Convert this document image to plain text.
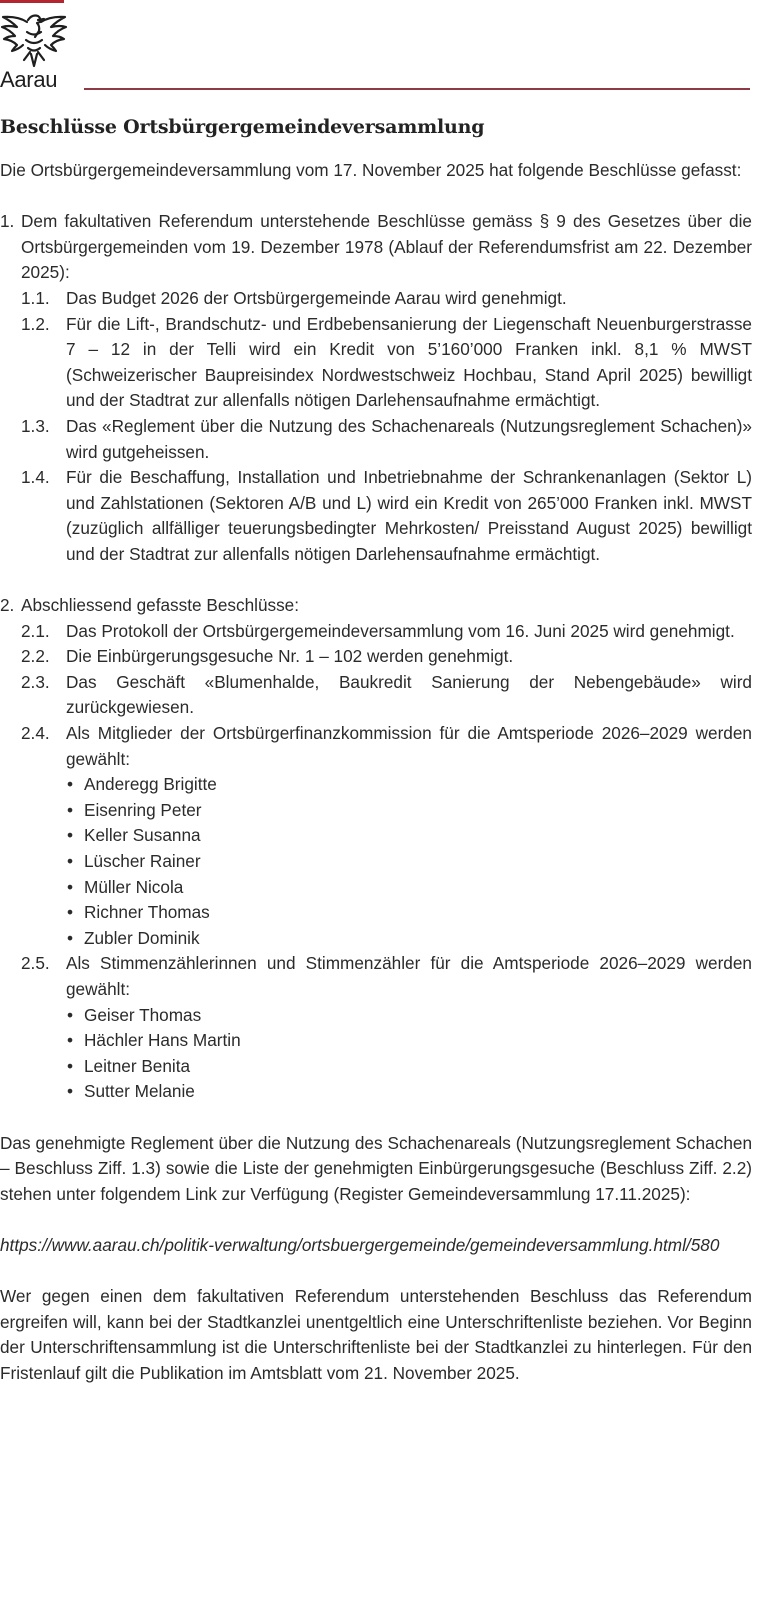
Aarau
Beschlüsse Ortsbürgergemeindeversammlung

Die Ortsbürgergemeindeversammlung vom 17. November 2025 hat folgende Beschlüsse gefasst:

1. Dem fakultativen Referendum unterstehende Beschlüsse gemäss § 9 des Gesetzes über die Ortsbürgergemeinden vom 19. Dezember 1978 (Ablauf der Referendumsfrist am 22. Dezember 2025):
1.1. Das Budget 2026 der Ortsbürgergemeinde Aarau wird genehmigt.
1.2. Für die Lift-, Brandschutz- und Erdbebensanierung der Liegenschaft Neuenburgerstrasse 7 – 12 in der Telli wird ein Kredit von 5’160’000 Franken inkl. 8,1 % MWST (Schweizerischer Baupreisindex Nordwestschweiz Hochbau, Stand April 2025) bewilligt und der Stadtrat zur allenfalls nötigen Darlehensaufnahme ermächtigt.
1.3. Das «Reglement über die Nutzung des Schachenareals (Nutzungsreglement Schachen)» wird gutgeheissen.
1.4. Für die Beschaffung, Installation und Inbetriebnahme der Schrankenanlagen (Sektor L) und Zahlstationen (Sektoren A/B und L) wird ein Kredit von 265’000 Franken inkl. MWST (zuzüglich allfälliger teuerungsbedingter Mehrkosten/ Preisstand August 2025) bewilligt und der Stadtrat zur allenfalls nötigen Darlehensaufnahme ermächtigt.
2. Abschliessend gefasste Beschlüsse:
2.1. Das Protokoll der Ortsbürgergemeindeversammlung vom 16. Juni 2025 wird genehmigt.
2.2. Die Einbürgerungsgesuche Nr. 1 – 102 werden genehmigt.
2.3. Das Geschäft «Blumenhalde, Baukredit Sanierung der Nebengebäude» wird zurückgewiesen.
2.4. Als Mitglieder der Ortsbürgerfinanzkommission für die Amtsperiode 2026–2029 werden gewählt:
• Anderegg Brigitte
• Eisenring Peter
• Keller Susanna
• Lüscher Rainer
• Müller Nicola
• Richner Thomas
• Zubler Dominik
2.5. Als Stimmenzählerinnen und Stimmenzähler für die Amtsperiode 2026–2029 werden gewählt:
• Geiser Thomas
• Hächler Hans Martin
• Leitner Benita
• Sutter Melanie

Das genehmigte Reglement über die Nutzung des Schachenareals (Nutzungsreglement Schachen – Beschluss Ziff. 1.3) sowie die Liste der genehmigten Einbürgerungsgesuche (Beschluss Ziff. 2.2) stehen unter folgendem Link zur Verfügung (Register Gemeindeversammlung 17.11.2025):

https://www.aarau.ch/politik-verwaltung/ortsbuergergemeinde/gemeindeversammlung.html/580

Wer gegen einen dem fakultativen Referendum unterstehenden Beschluss das Referendum ergreifen will, kann bei der Stadtkanzlei unentgeltlich eine Unterschriftenliste beziehen. Vor Beginn der Unterschriftensammlung ist die Unterschriftenliste bei der Stadtkanzlei zu hinterlegen. Für den Fristenlauf gilt die Publikation im Amtsblatt vom 21. November 2025.
